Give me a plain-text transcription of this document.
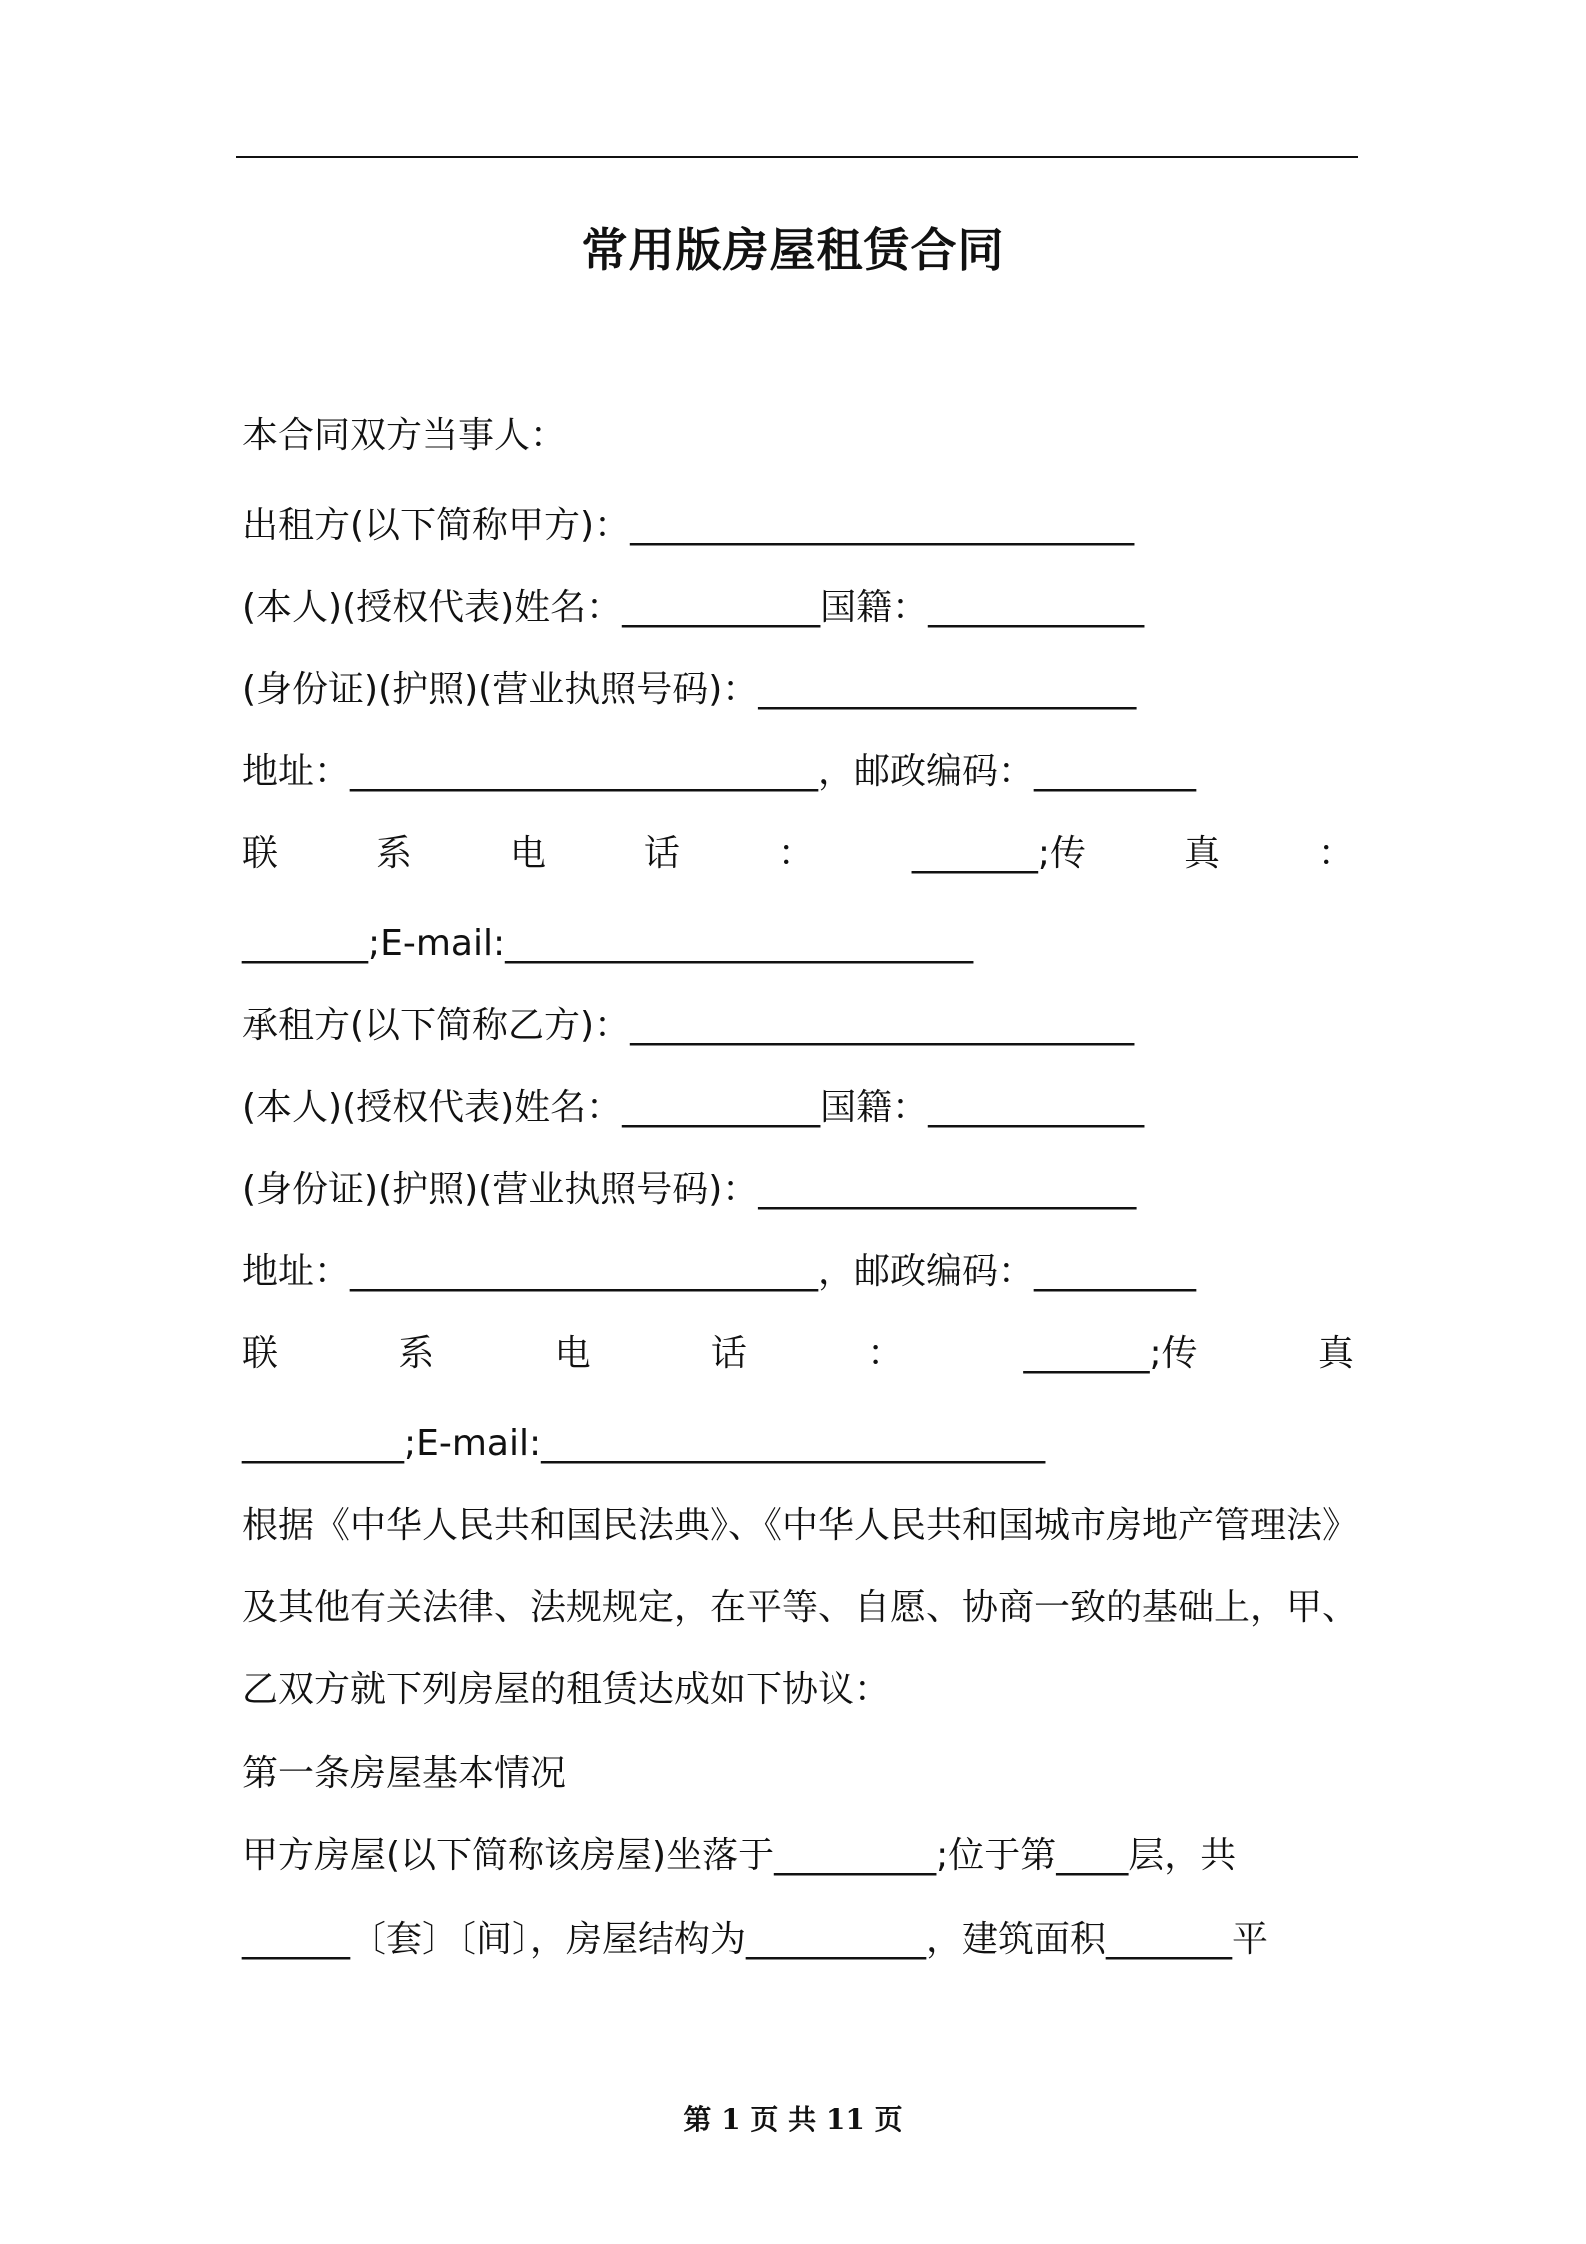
常用版房屋租赁合同
本合同双方当事人：
出租方(以下简称甲方)：____________________________
(本人)(授权代表)姓名：___________国籍：____________
(身份证)(护照)(营业执照号码)：_____________________
地址：__________________________，邮政编码：_________
联	系	电	话	：	_______;传	真	：
_______;E-mail:__________________________
承租方(以下简称乙方)：____________________________
(本人)(授权代表)姓名：___________国籍：____________
(身份证)(护照)(营业执照号码)：_____________________
地址：__________________________，邮政编码：_________
联	系	电	话	：	_______;传	真
_________;E-mail:____________________________
根据《中华人民共和国民法典》、《中华人民共和国城市房地产管理法》
及其他有关法律、法规规定，在平等、自愿、协商一致的基础上，甲、
乙双方就下列房屋的租赁达成如下协议：
第一条房屋基本情况
甲方房屋(以下简称该房屋)坐落于_________;位于第____层，共
______〔套〕〔间〕，房屋结构为__________，建筑面积_______平
第 1 页 共 11 页
